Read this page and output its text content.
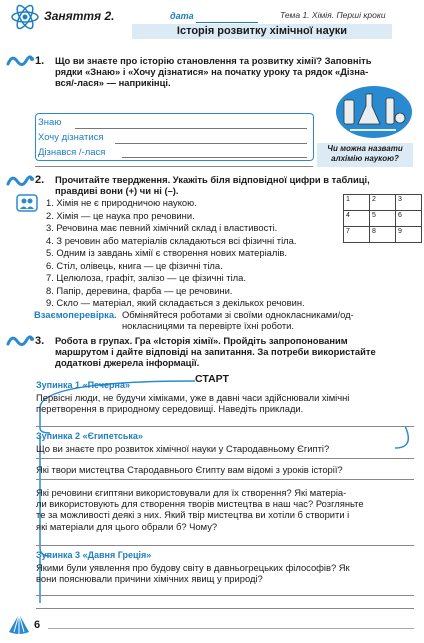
Заняття 2.	дата	Тема 1. Хімія. Перші кроки
Історія розвитку хімічної науки
1. Що ви знаєте про історію становлення та розвитку хімії? Заповніть
рядки «Знаю» і «Хочу дізнатися» на початку уроку та рядок «Дізна-
вся/-лася» — наприкінці.
Знаю
Хочу дізнатися
Дізнався /-лася	Чи можна назвати
алхімію наукою?
2. Прочитайте твердження. Укажіть біля відповідної цифри в таблиці,
правдиві вони (+) чи ні (–).
1. Хімія не є природничою наукою.
2. Хімія — це наука про речовини.
3. Речовина має певний хімічний склад і властивості.
4. З речовин або матеріалів складаються всі фізичні тіла.
5. Одним із завдань хімії є створення нових матеріалів.
6. Стіл, олівець, книга — це фізичні тіла.
7. Целюлоза, графіт, залізо — це фізичні тіла.
8. Папір, деревина, фарба — це речовини.
9. Скло — матеріал, який складається з декількох речовин.
1	2	3
4	5	6
7	8	9
Взаємоперевірка. Обміняйтеся роботами зі своїми однокласниками/од-
нокласницями та перевірте їхні роботи.
3. Робота в групах. Гра «Історія хімії». Пройдіть запропонованим
маршрутом і дайте відповіді на запитання. За потреби використайте
додаткові джерела інформації.
СТАРТ
Зупинка 1 «Печерна»
Первісні люди, не будучи хіміками, уже в давні часи здійснювали хімічні
перетворення в природному середовищі. Наведіть приклади.
Зупинка 2 «Єгипетська»
Що ви знаєте про розвиток хімічної науки у Стародавньому Єгипті?
Які твори мистецтва Стародавнього Єгипту вам відомі з уроків історії?
Які речовини єгиптяни використовували для їх створення? Які матеріа-
ли використовують для створення творів мистецтва в наш час? Розгляньте
те за можливості деякі з них. Який твір мистецтва ви хотіли б створити і
які матеріали для цього обрали б? Чому?
Зупинка 3 «Давня Греція»
Якими були уявлення про будову світу в давньогрецьких філософів? Як
вони пояснювали причини хімічних явищ у природі?
6
